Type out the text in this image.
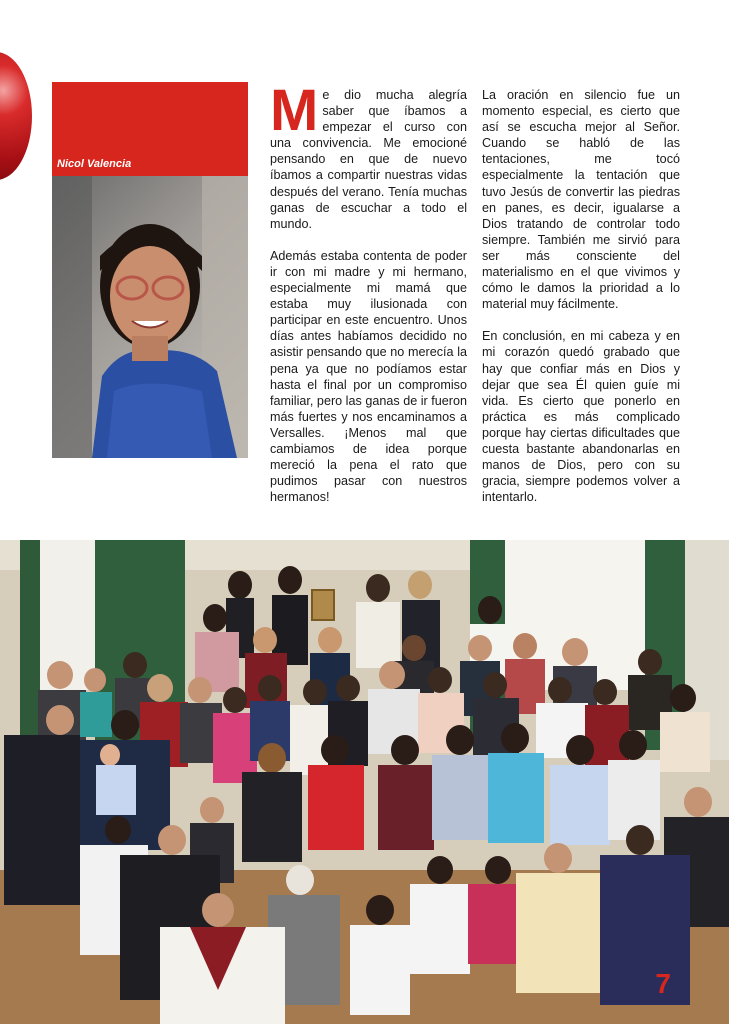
Nicol Valencia

Me dio mucha alegría saber que íbamos a empezar el curso con una convivencia. Me emocioné pensando en que de nuevo íbamos a compartir nuestras vidas después del verano. Tenía muchas ganas de escuchar a todo el mundo.

Además estaba contenta de poder ir con mi madre y mi hermano, especialmente mi mamá que estaba muy ilusionada con participar en este encuentro. Unos días antes habíamos decidido no asistir pensando que no merecía la pena ya que no podíamos estar hasta el final por un compromiso familiar, pero las ganas de ir fueron más fuertes y nos encaminamos a Versalles. ¡Menos mal que cambiamos de idea porque mereció la pena el rato que pudimos pasar con nuestros hermanos!

La oración en silencio fue un momento especial, es cierto que así se escucha mejor al Señor. Cuando se habló de las tentaciones, me tocó especialmente la tentación que tuvo Jesús de convertir las piedras en panes, es decir, igualarse a Dios tratando de controlar todo siempre. También me sirvió para ser más consciente del materialismo en el que vivimos y cómo le damos la prioridad a lo material muy fácilmente.

En conclusión, en mi cabeza y en mi corazón quedó grabado que hay que confiar más en Dios y dejar que sea Él quien guíe mi vida. Es cierto que ponerlo en práctica es más complicado porque hay ciertas dificultades que cuesta bastante abandonarlas en manos de Dios, pero con su gracia, siempre podemos volver a intentarlo.

7
